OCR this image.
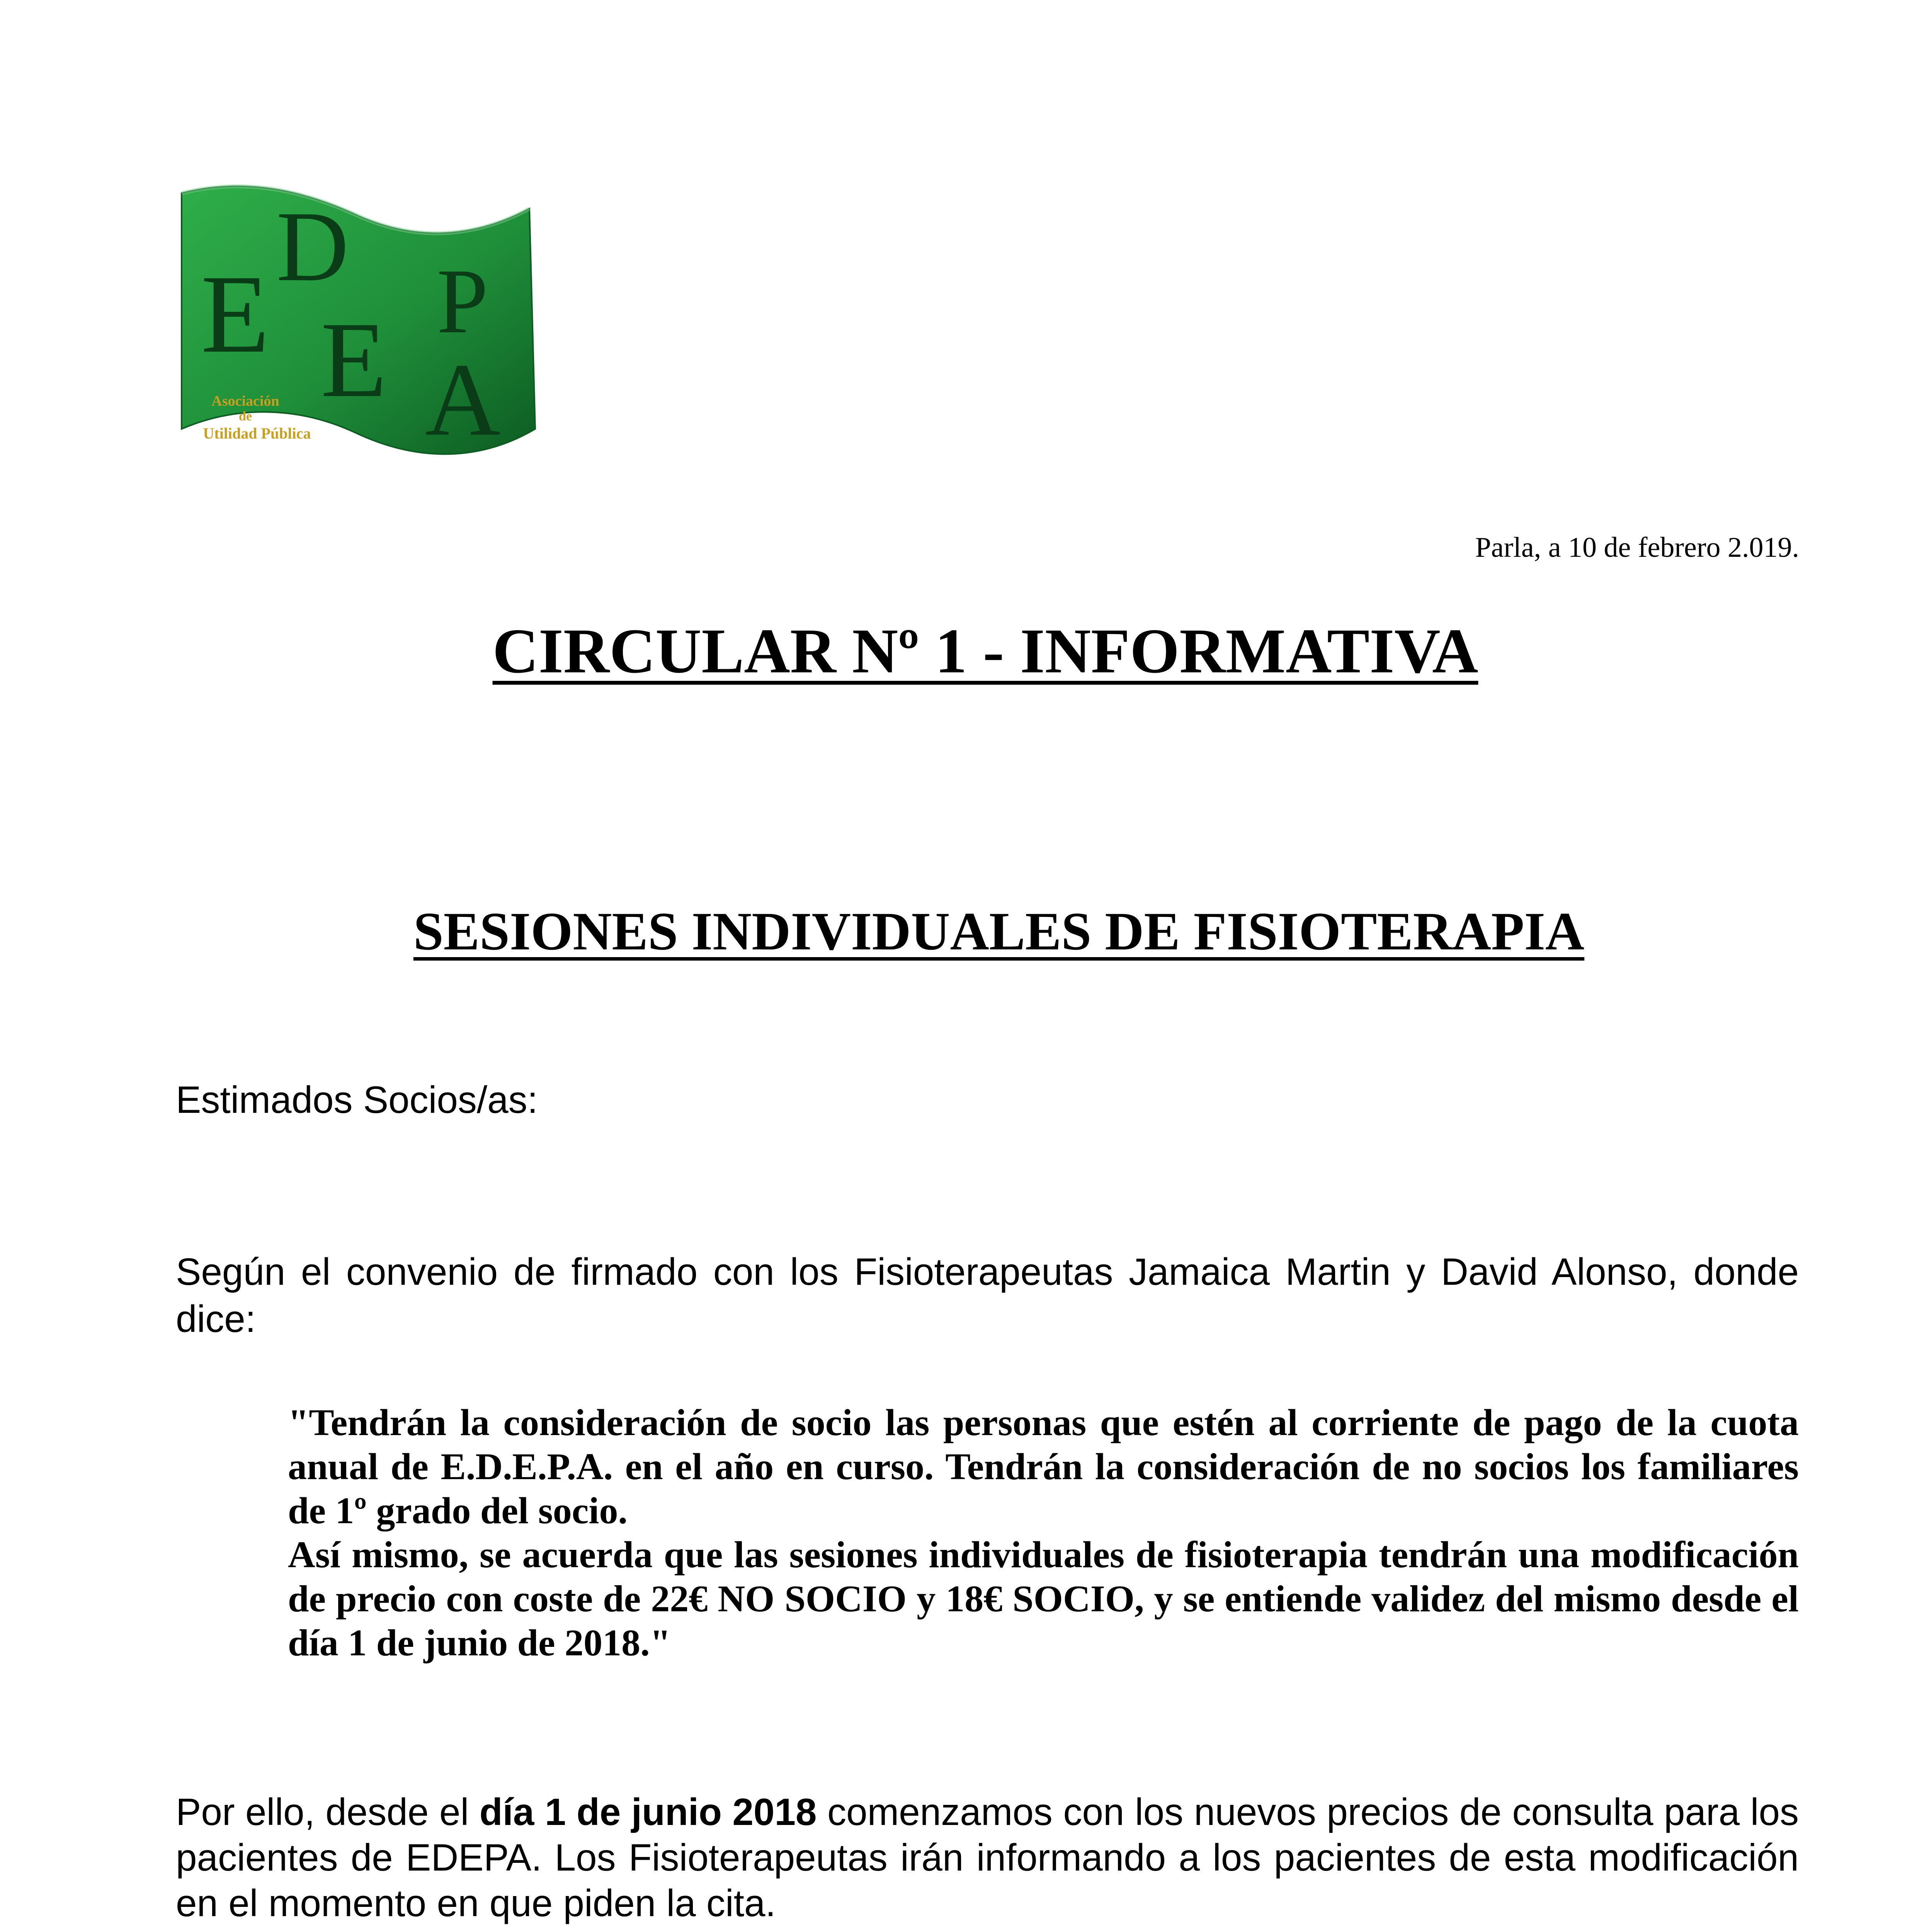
E
D
E P
A
Asociación
de
Utilidad Pública
Parla, a 10 de febrero 2.019.
CIRCULAR Nº 1 - INFORMATIVA
SESIONES INDIVIDUALES DE FISIOTERAPIA
Estimados Socios/as:
Según el convenio de firmado con los Fisioterapeutas Jamaica Martin y David Alonso, donde dice:

"Tendrán la consideración de socio las personas que estén al corriente de pago de la cuota anual de E.D.E.P.A. en el año en curso. Tendrán la consideración de no socios los familiares de 1º grado del socio.

Así mismo, se acuerda que las sesiones individuales de fisioterapia tendrán una modificación de precio con coste de 22€ NO SOCIO y 18€ SOCIO, y se entiende validez del mismo desde el día 1 de junio de 2018."

Por ello, desde el día 1 de junio 2018 comenzamos con los nuevos precios de consulta para los pacientes de EDEPA. Los Fisioterapeutas irán informando a los pacientes de esta modificación en el momento en que piden la cita.
